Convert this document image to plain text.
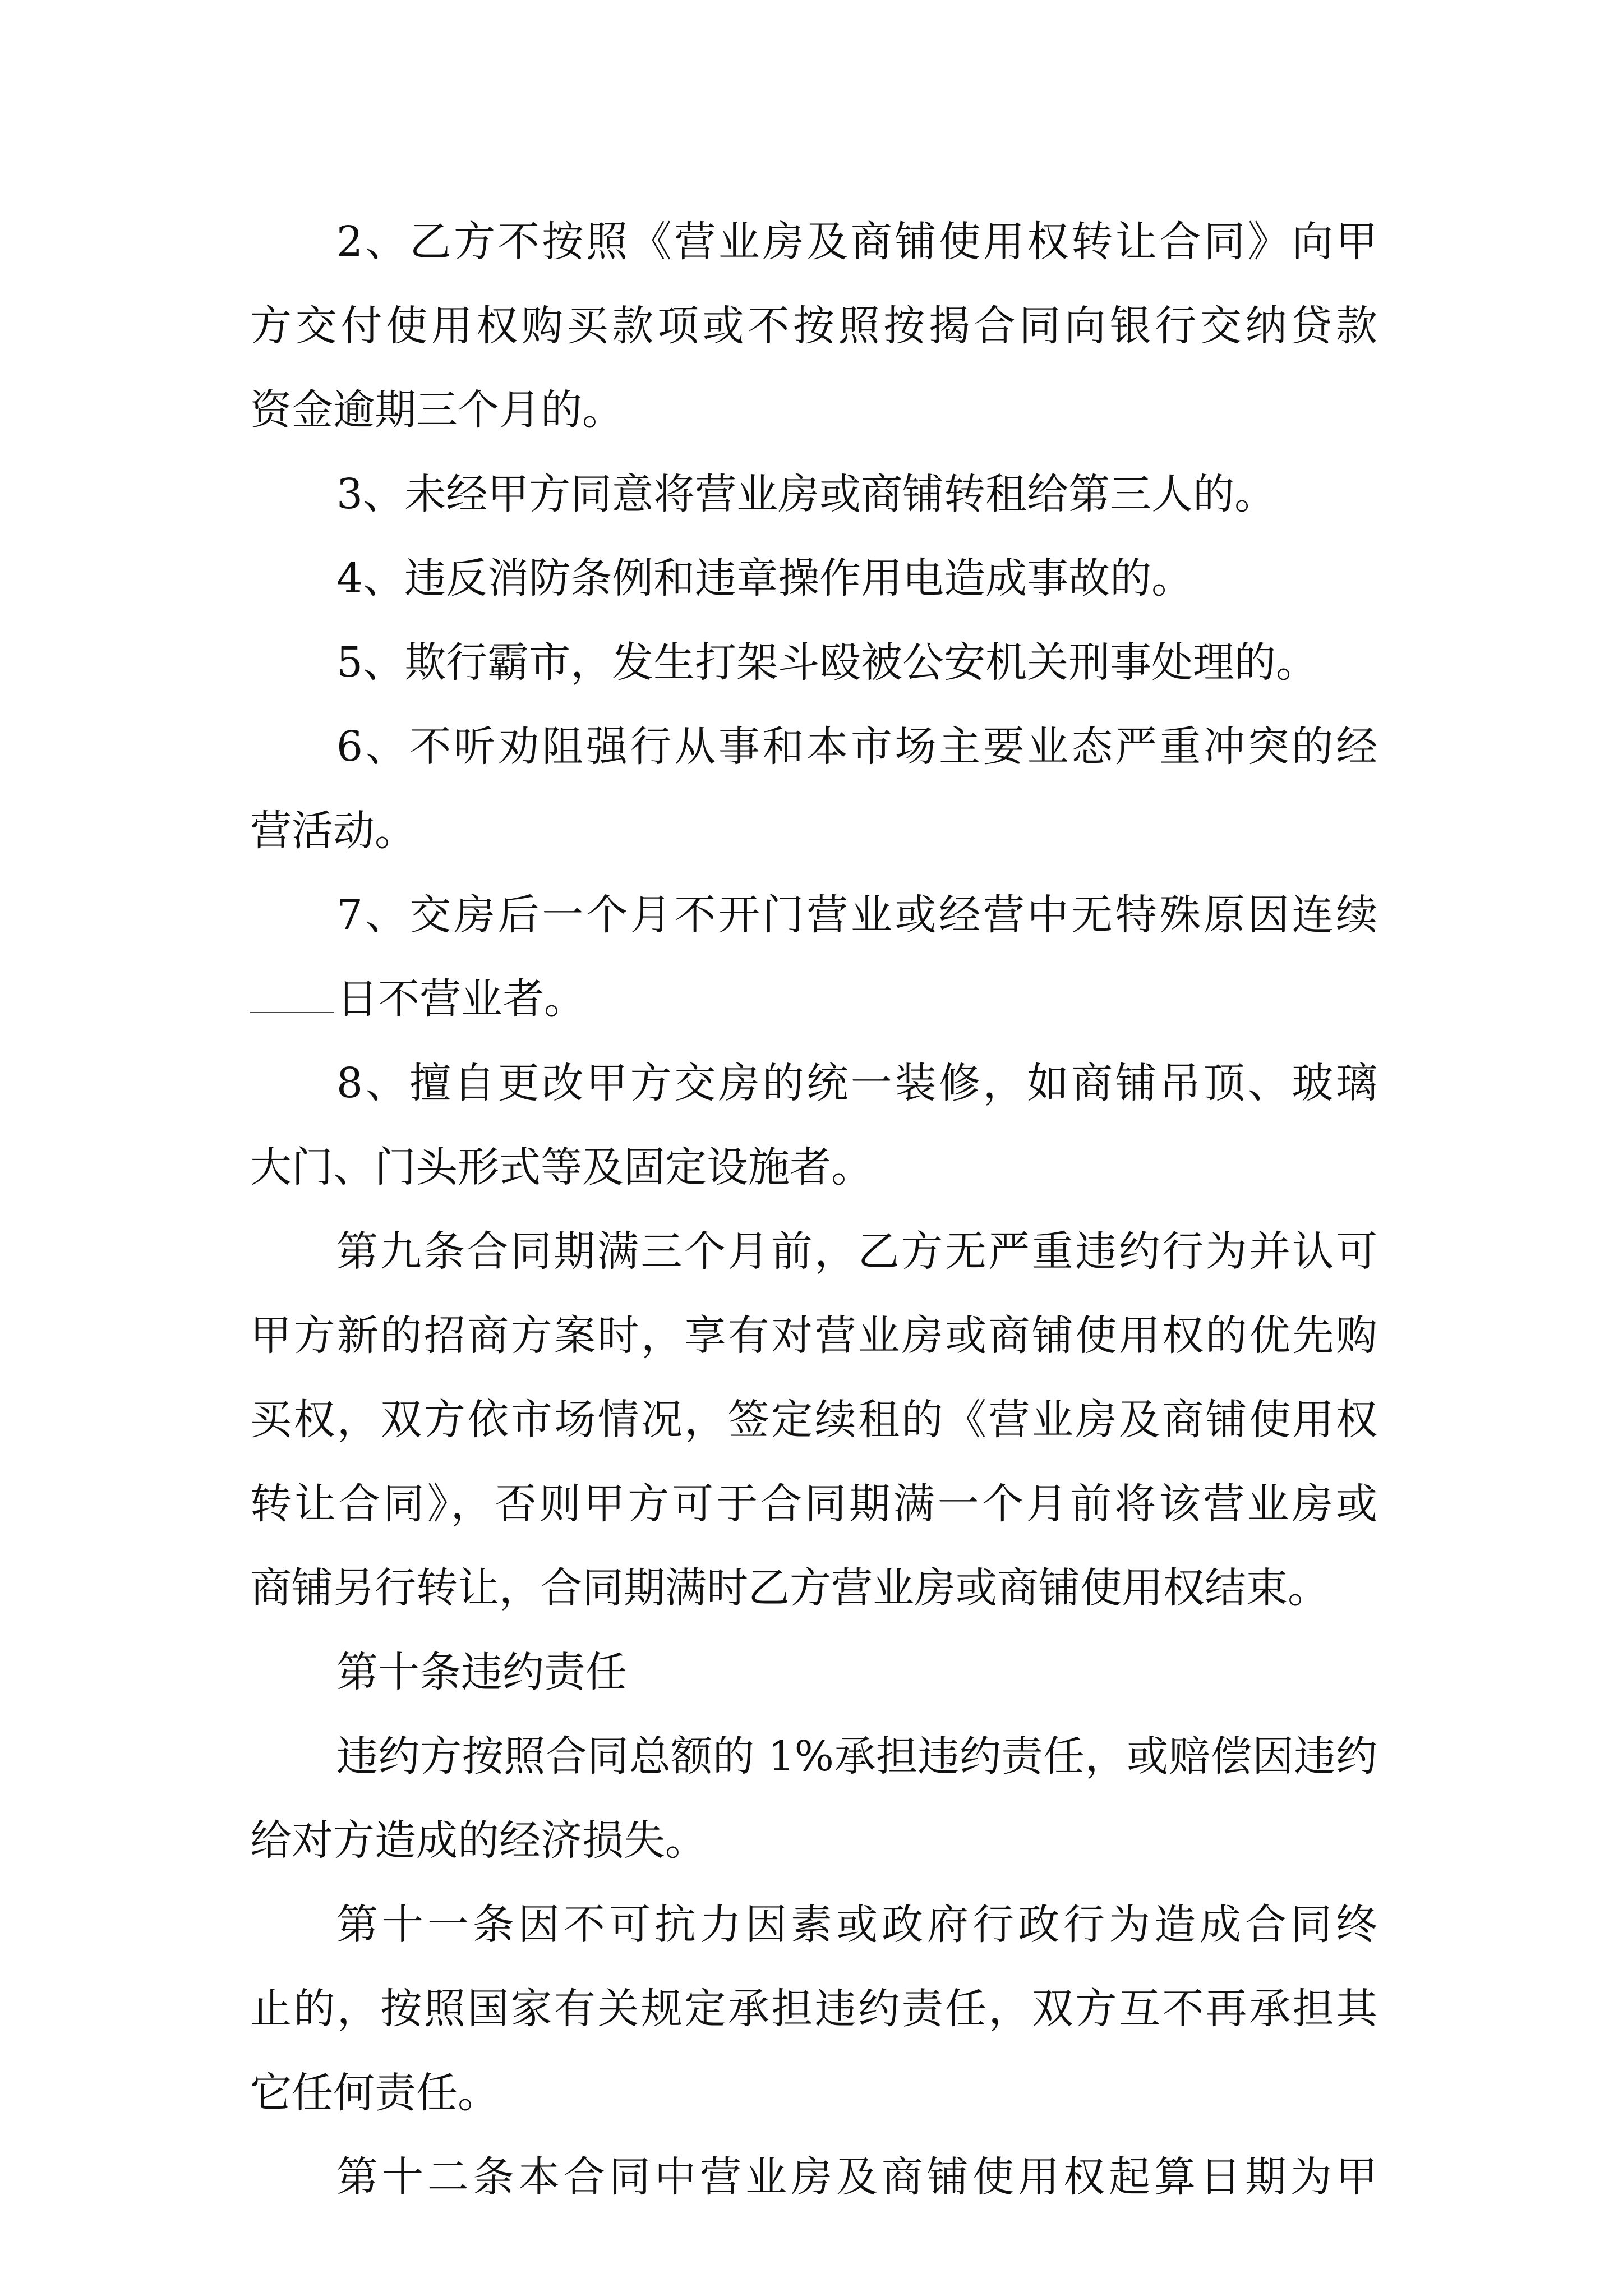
2、乙方不按照《营业房及商铺使用权转让合同》向甲
方交付使用权购买款项或不按照按揭合同向银行交纳贷款
资金逾期三个月的。
3、未经甲方同意将营业房或商铺转租给第三人的。
4、违反消防条例和违章操作用电造成事故的。
5、欺行霸市，发生打架斗殴被公安机关刑事处理的。
6、不听劝阻强行从事和本市场主要业态严重冲突的经
营活动。
7、交房后一个月不开门营业或经营中无特殊原因连续
日不营业者。
8、擅自更改甲方交房的统一装修，如商铺吊顶、玻璃
大门、门头形式等及固定设施者。
第九条合同期满三个月前，乙方无严重违约行为并认可
甲方新的招商方案时，享有对营业房或商铺使用权的优先购
买权，双方依市场情况，签定续租的《营业房及商铺使用权
转让合同》，否则甲方可于合同期满一个月前将该营业房或
商铺另行转让，合同期满时乙方营业房或商铺使用权结束。
第十条违约责任
违约方按照合同总额的 1%承担违约责任，或赔偿因违约
给对方造成的经济损失。
第十一条因不可抗力因素或政府行政行为造成合同终
止的，按照国家有关规定承担违约责任，双方互不再承担其
它任何责任。
第十二条本合同中营业房及商铺使用权起算日期为甲
